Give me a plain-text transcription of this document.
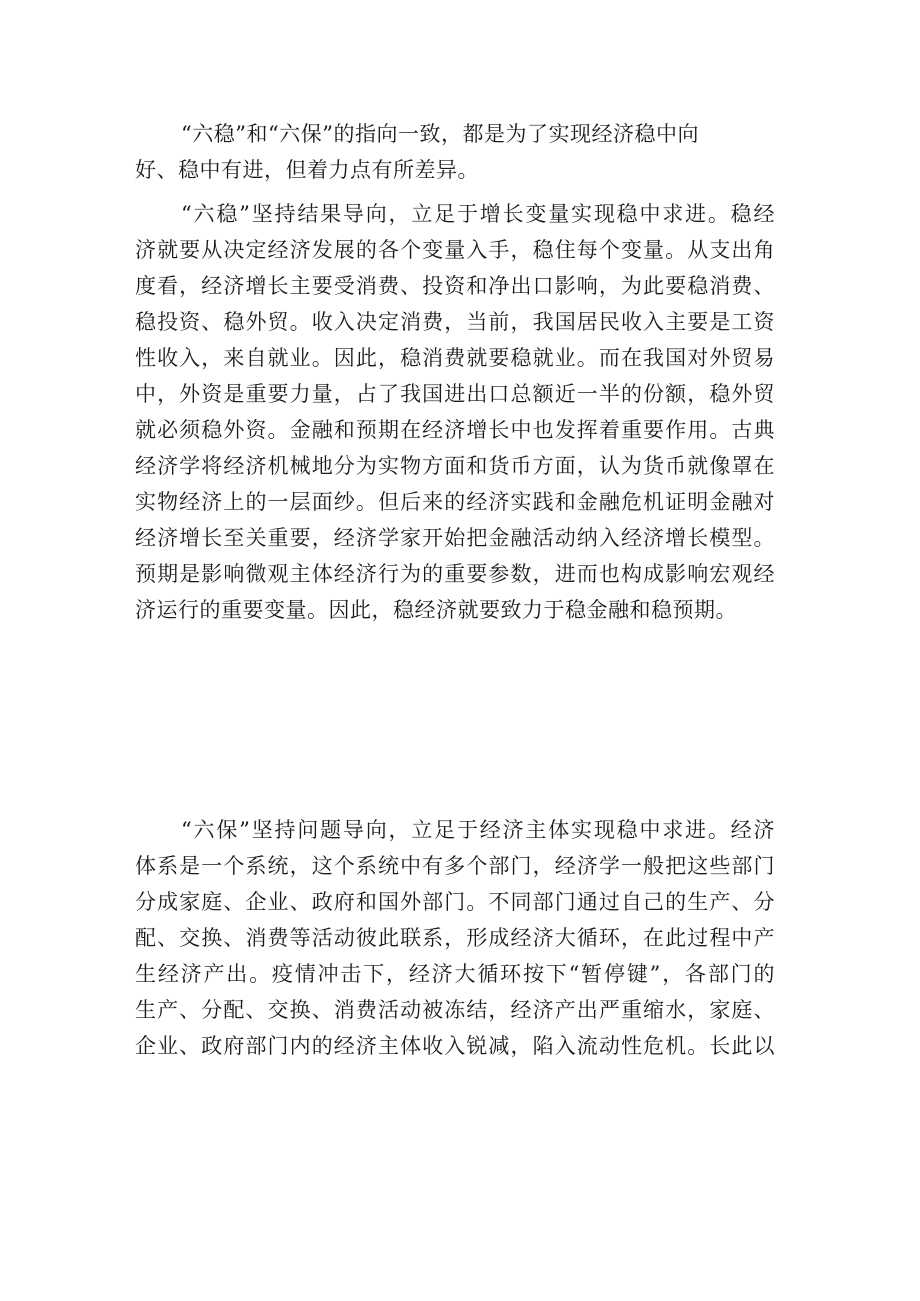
“六稳”和“六保”的指向一致，都是为了实现经济稳中向
好、稳中有进，但着力点有所差异。
“六稳”坚持结果导向，立足于增长变量实现稳中求进。稳经
济就要从决定经济发展的各个变量入手，稳住每个变量。从支出角
度看，经济增长主要受消费、投资和净出口影响，为此要稳消费、
稳投资、稳外贸。收入决定消费，当前，我国居民收入主要是工资
性收入，来自就业。因此，稳消费就要稳就业。而在我国对外贸易
中，外资是重要力量，占了我国进出口总额近一半的份额，稳外贸
就必须稳外资。金融和预期在经济增长中也发挥着重要作用。古典
经济学将经济机械地分为实物方面和货币方面，认为货币就像罩在
实物经济上的一层面纱。但后来的经济实践和金融危机证明金融对
经济增长至关重要，经济学家开始把金融活动纳入经济增长模型。
预期是影响微观主体经济行为的重要参数，进而也构成影响宏观经
济运行的重要变量。因此，稳经济就要致力于稳金融和稳预期。
“六保”坚持问题导向，立足于经济主体实现稳中求进。经济
体系是一个系统，这个系统中有多个部门，经济学一般把这些部门
分成家庭、企业、政府和国外部门。不同部门通过自己的生产、分
配、交换、消费等活动彼此联系，形成经济大循环，在此过程中产
生经济产出。疫情冲击下，经济大循环按下“暂停键”，各部门的
生产、分配、交换、消费活动被冻结，经济产出严重缩水，家庭、
企业、政府部门内的经济主体收入锐减，陷入流动性危机。长此以
